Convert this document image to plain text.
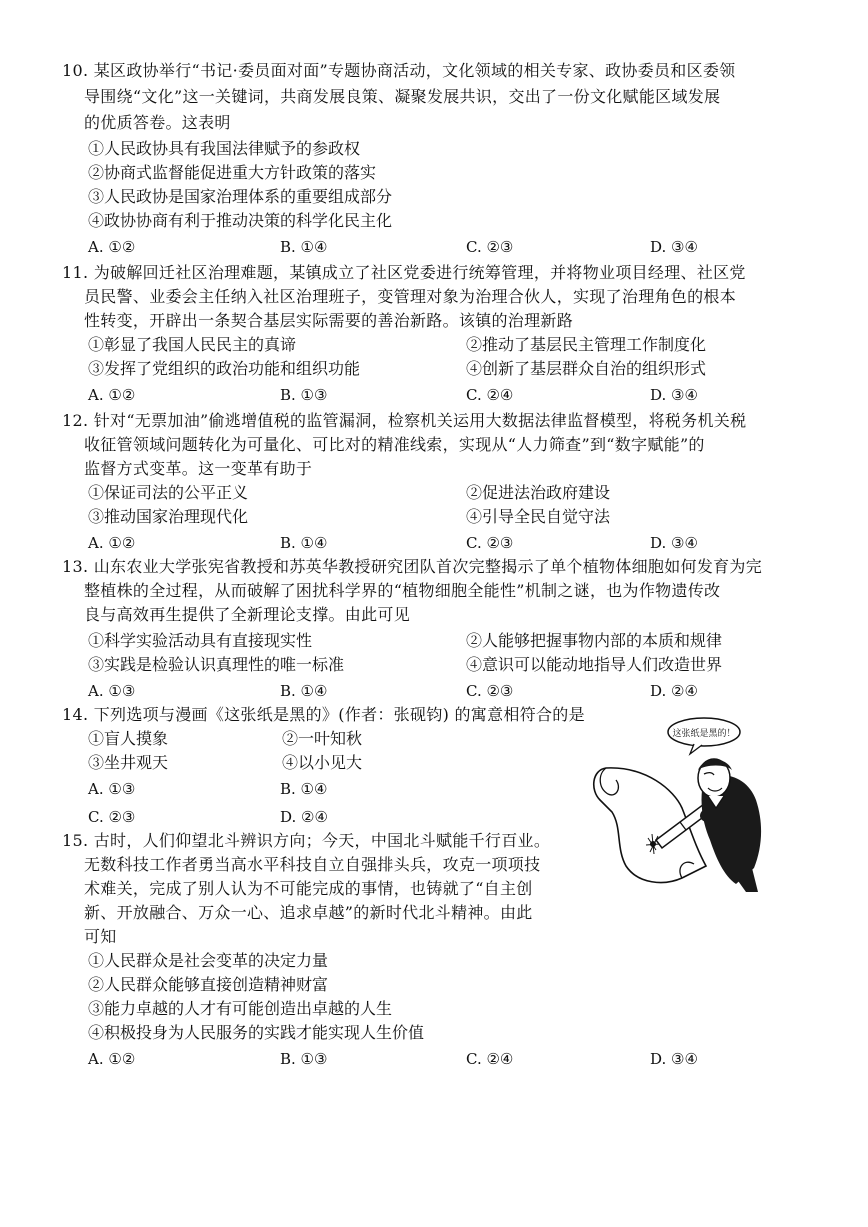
10. 某区政协举行“书记·委员面对面”专题协商活动，文化领域的相关专家、政协委员和区委领
导围绕“文化”这一关键词，共商发展良策、凝聚发展共识，交出了一份文化赋能区域发展
的优质答卷。这表明
①人民政协具有我国法律赋予的参政权
②协商式监督能促进重大方针政策的落实
③人民政协是国家治理体系的重要组成部分
④政协协商有利于推动决策的科学化民主化
A. ①②	B. ①④	C. ②③	D. ③④
11. 为破解回迁社区治理难题，某镇成立了社区党委进行统筹管理，并将物业项目经理、社区党
员民警、业委会主任纳入社区治理班子，变管理对象为治理合伙人，实现了治理角色的根本
性转变，开辟出一条契合基层实际需要的善治新路。该镇的治理新路
①彰显了我国人民民主的真谛	②推动了基层民主管理工作制度化
③发挥了党组织的政治功能和组织功能	④创新了基层群众自治的组织形式
A. ①②	B. ①③	C. ②④	D. ③④
12. 针对“无票加油”偷逃增值税的监管漏洞，检察机关运用大数据法律监督模型，将税务机关税
收征管领域问题转化为可量化、可比对的精准线索，实现从“人力筛查”到“数字赋能”的
监督方式变革。这一变革有助于
①保证司法的公平正义	②促进法治政府建设
③推动国家治理现代化	④引导全民自觉守法
A. ①②	B. ①④	C. ②③	D. ③④
13. 山东农业大学张宪省教授和苏英华教授研究团队首次完整揭示了单个植物体细胞如何发育为完
整植株的全过程，从而破解了困扰科学界的“植物细胞全能性”机制之谜，也为作物遗传改
良与高效再生提供了全新理论支撑。由此可见
①科学实验活动具有直接现实性	②人能够把握事物内部的本质和规律
③实践是检验认识真理性的唯一标准	④意识可以能动地指导人们改造世界
A. ①③	B. ①④	C. ②③	D. ②④
14. 下列选项与漫画《这张纸是黑的》(作者：张砚钧) 的寓意相符合的是
①盲人摸象	②一叶知秋
③坐井观天	④以小见大
A. ①③	B. ①④
C. ②③	D. ②④
这张纸是黑的！
15. 古时，人们仰望北斗辨识方向；今天，中国北斗赋能千行百业。
无数科技工作者勇当高水平科技自立自强排头兵，攻克一项项技
术难关，完成了别人认为不可能完成的事情，也铸就了“自主创
新、开放融合、万众一心、追求卓越”的新时代北斗精神。由此
可知
①人民群众是社会变革的决定力量
②人民群众能够直接创造精神财富
③能力卓越的人才有可能创造出卓越的人生
④积极投身为人民服务的实践才能实现人生价值
A. ①②	B. ①③	C. ②④	D. ③④
